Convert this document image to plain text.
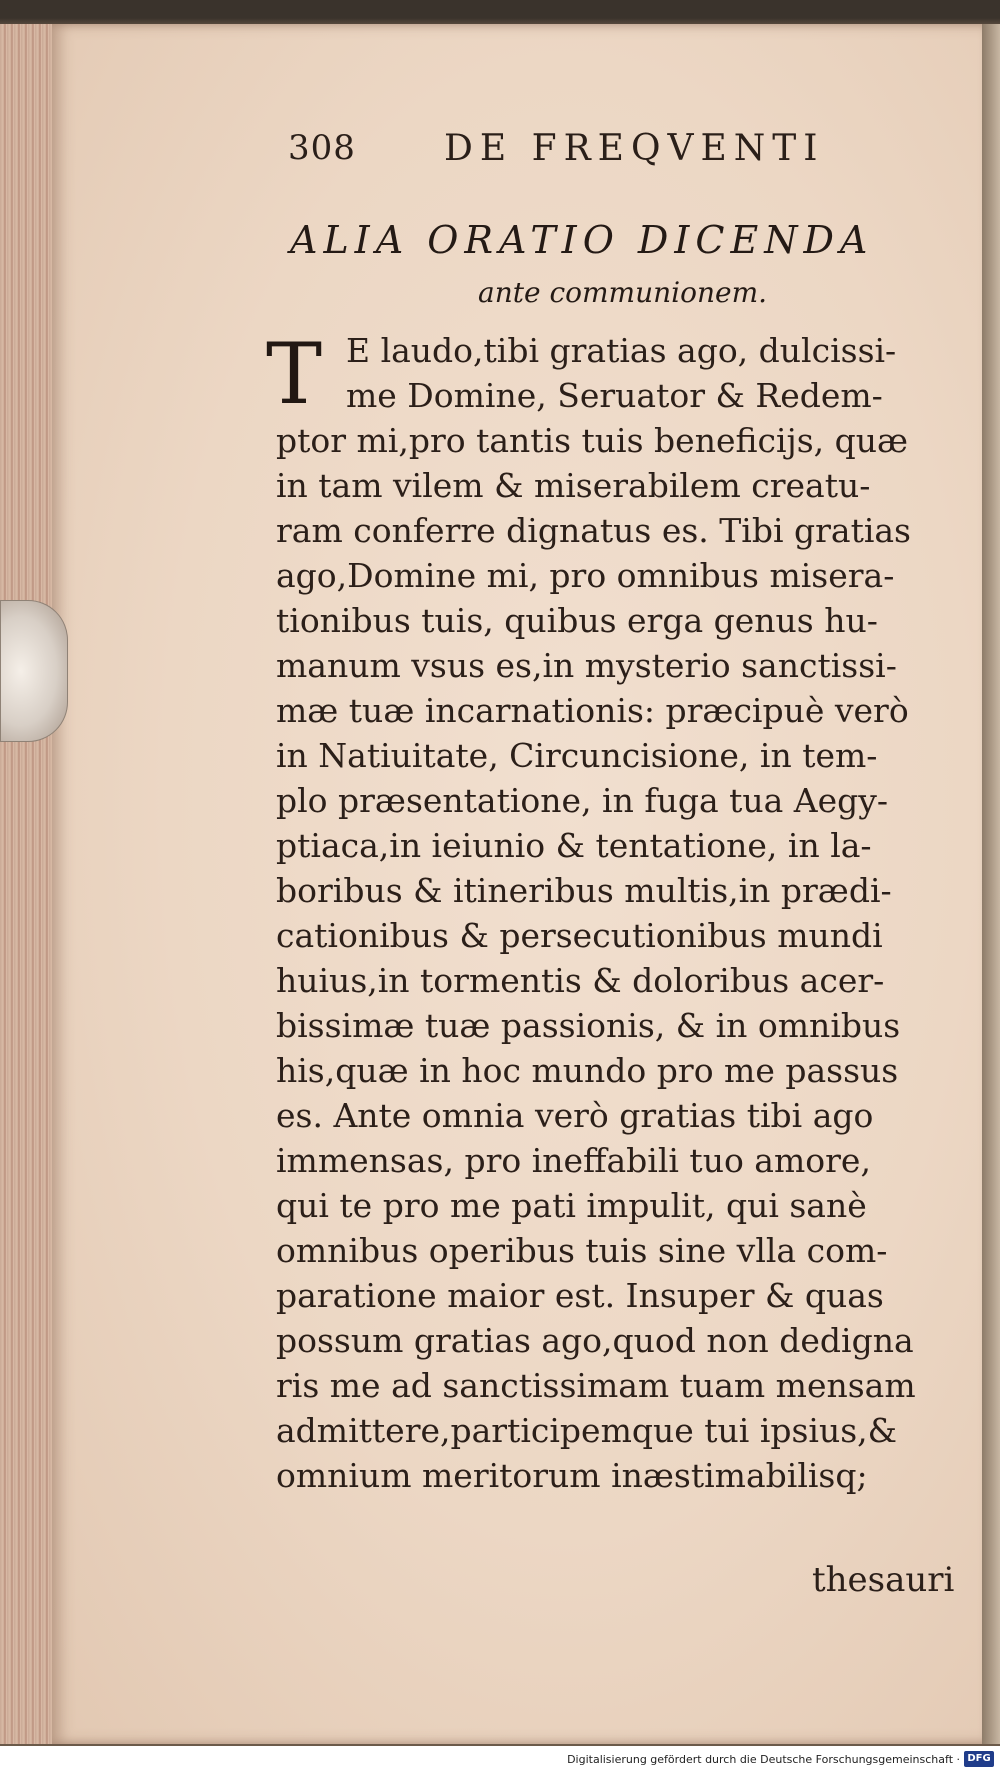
308 DE FREQVENTI
ALIA ORATIO DICENDA
ante communionem.
T E laudo,tibi gratias ago, dulcissi-
me Domine, Seruator & Redem-
ptor mi,pro tantis tuis beneficijs, quæ
in tam vilem & miserabilem creatu-
ram conferre dignatus es. Tibi gratias
ago,Domine mi, pro omnibus misera-
tionibus tuis, quibus erga genus hu-
manum vsus es,in mysterio sanctissi-
mæ tuæ incarnationis: præcipuè verò
in Natiuitate, Circuncisione, in tem-
plo præsentatione, in fuga tua Aegy-
ptiaca,in ieiunio & tentatione, in la-
boribus & itineribus multis,in prædi-
cationibus & persecutionibus mundi
huius,in tormentis & doloribus acer-
bissimæ tuæ passionis, & in omnibus
his,quæ in hoc mundo pro me passus
es. Ante omnia verò gratias tibi ago
immensas, pro ineffabili tuo amore,
qui te pro me pati impulit, qui sanè
omnibus operibus tuis sine vlla com-
paratione maior est. Insuper & quas
possum gratias ago,quod non dedigna
ris me ad sanctissimam tuam mensam
admittere,participemque tui ipsius,&
omnium meritorum inæstimabilisq;
thesauri
Digitalisierung gefördert durch die Deutsche Forschungsgemeinschaft · DFG
